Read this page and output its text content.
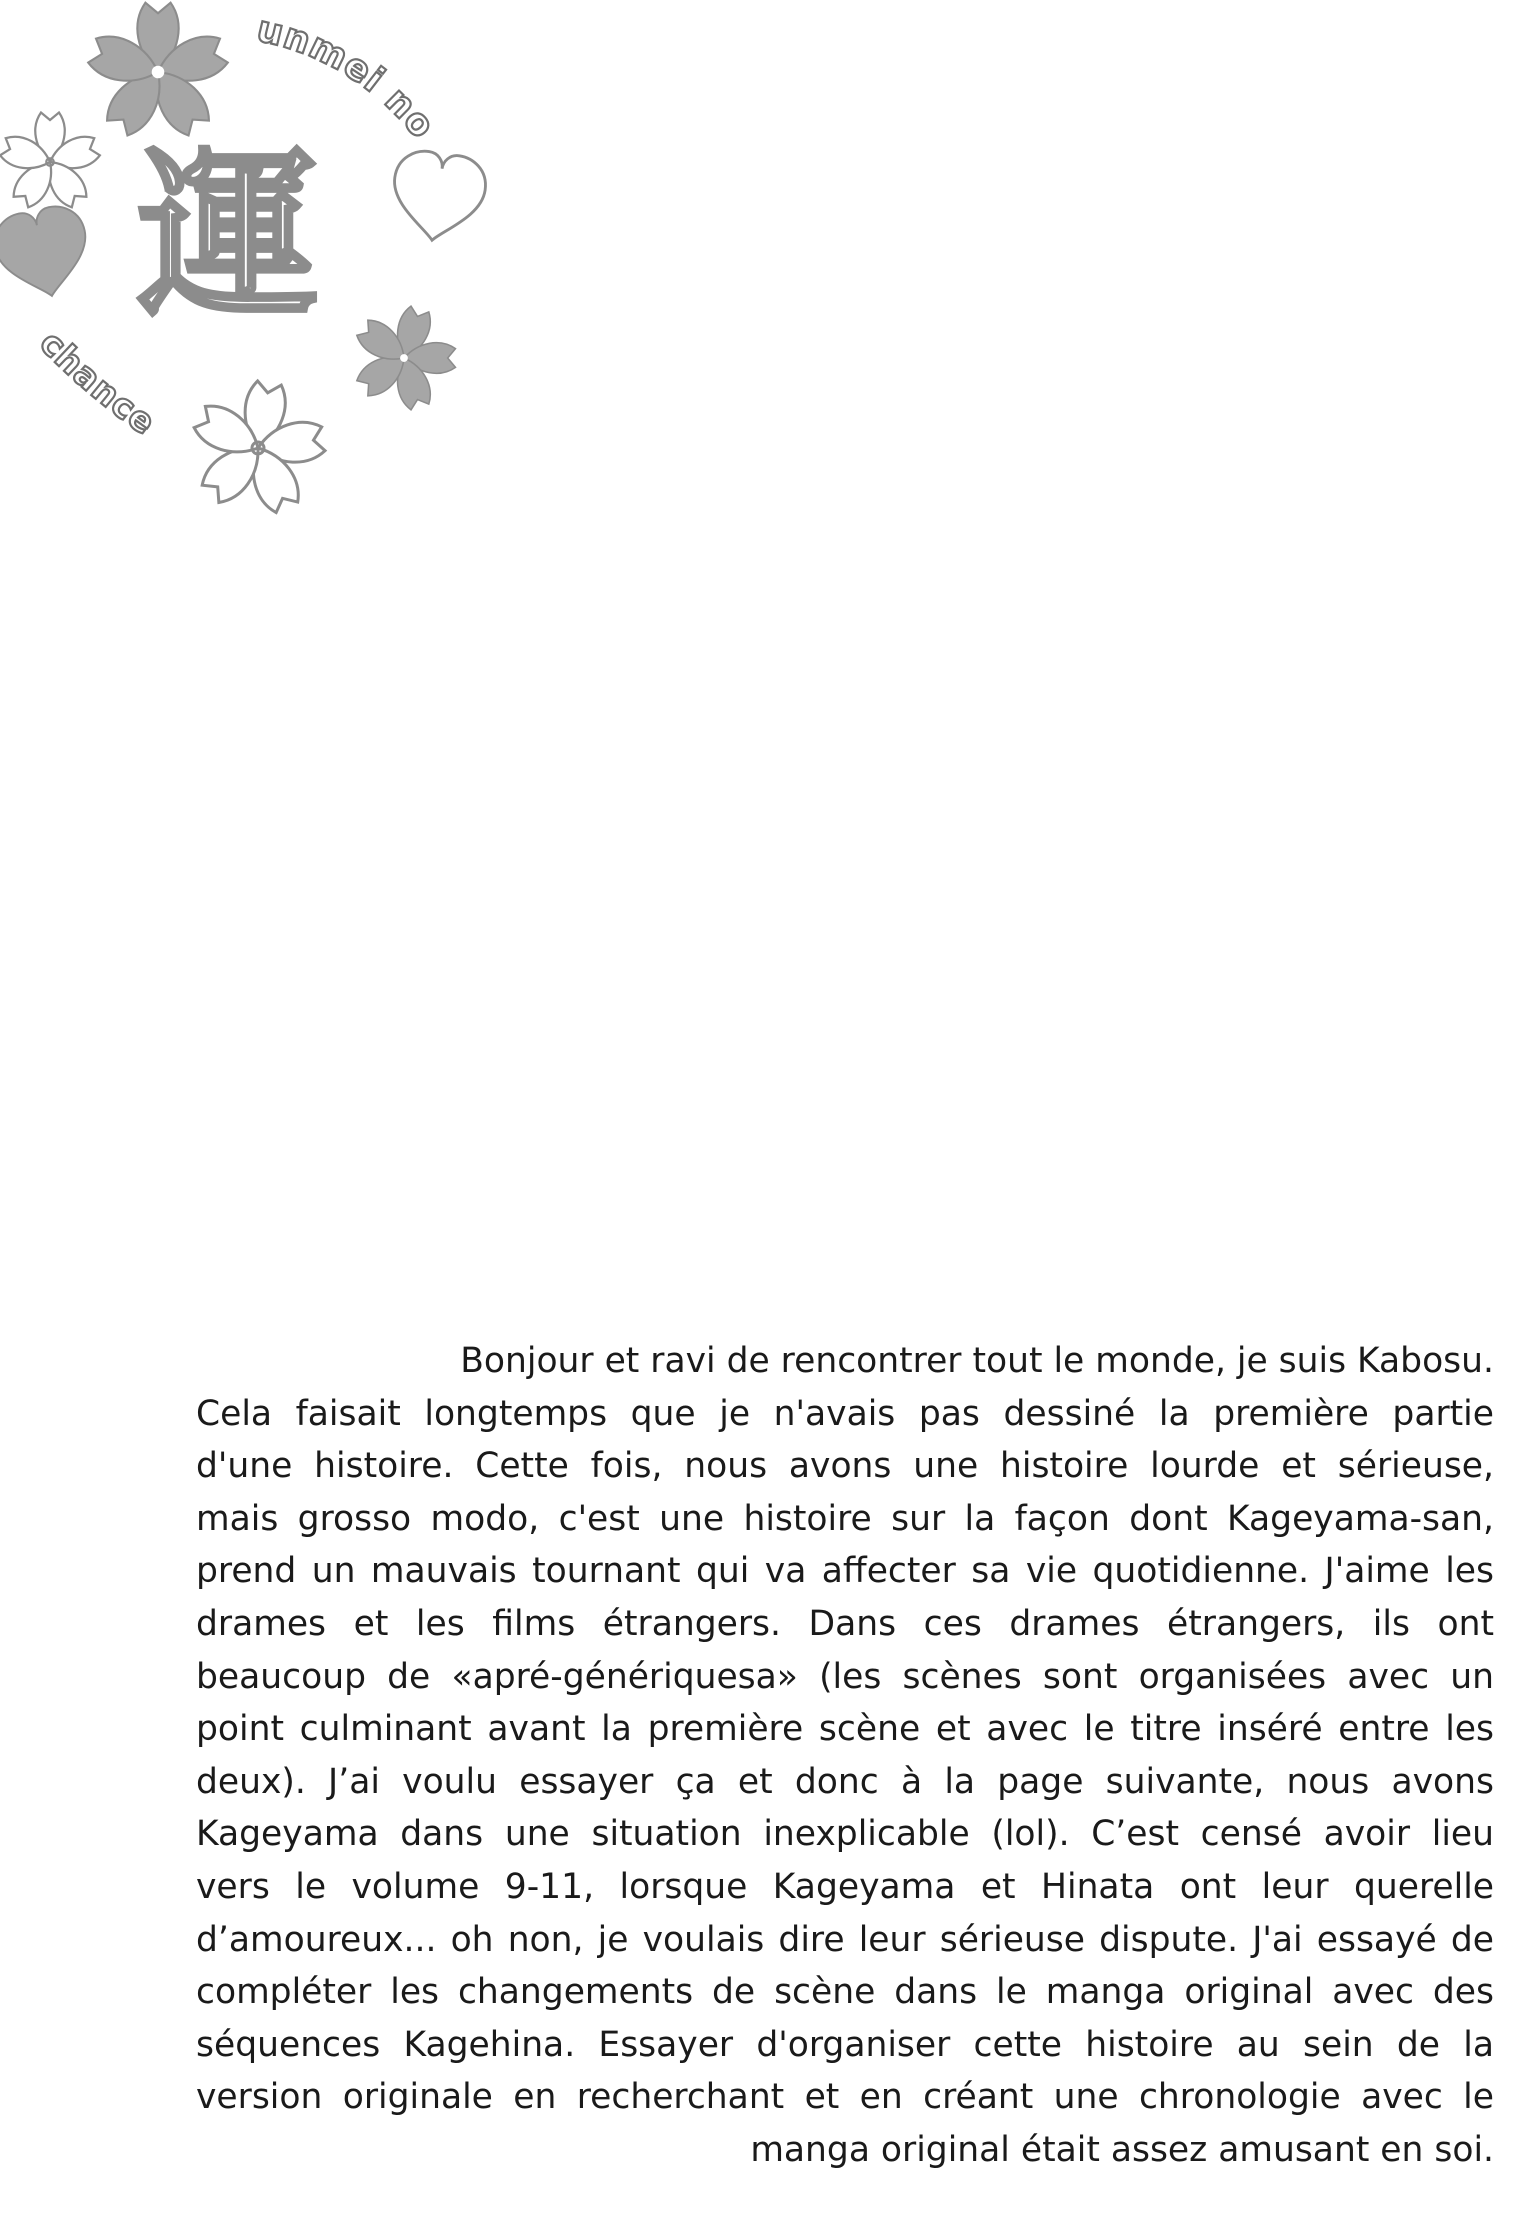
運
unmei no
chance

Bonjour et ravi de rencontrer tout le monde, je suis Kabosu.
Cela faisait longtemps que je n'avais pas dessiné la première partie
d'une histoire. Cette fois, nous avons une histoire lourde et sérieuse,
mais grosso modo, c'est une histoire sur la façon dont Kageyama-san,
prend un mauvais tournant qui va affecter sa vie quotidienne. J'aime les
drames et les films étrangers. Dans ces drames étrangers, ils ont
beaucoup de «apré-génériquesa» (les scènes sont organisées avec un
point culminant avant la première scène et avec le titre inséré entre les
deux). J’ai voulu essayer ça et donc à la page suivante, nous avons
Kageyama dans une situation inexplicable (lol). C’est censé avoir lieu
vers le volume 9-11, lorsque Kageyama et Hinata ont leur querelle
d’amoureux... oh non, je voulais dire leur sérieuse dispute. J'ai essayé de
compléter les changements de scène dans le manga original avec des
séquences Kagehina. Essayer d'organiser cette histoire au sein de la
version originale en recherchant et en créant une chronologie avec le
manga original était assez amusant en soi.
